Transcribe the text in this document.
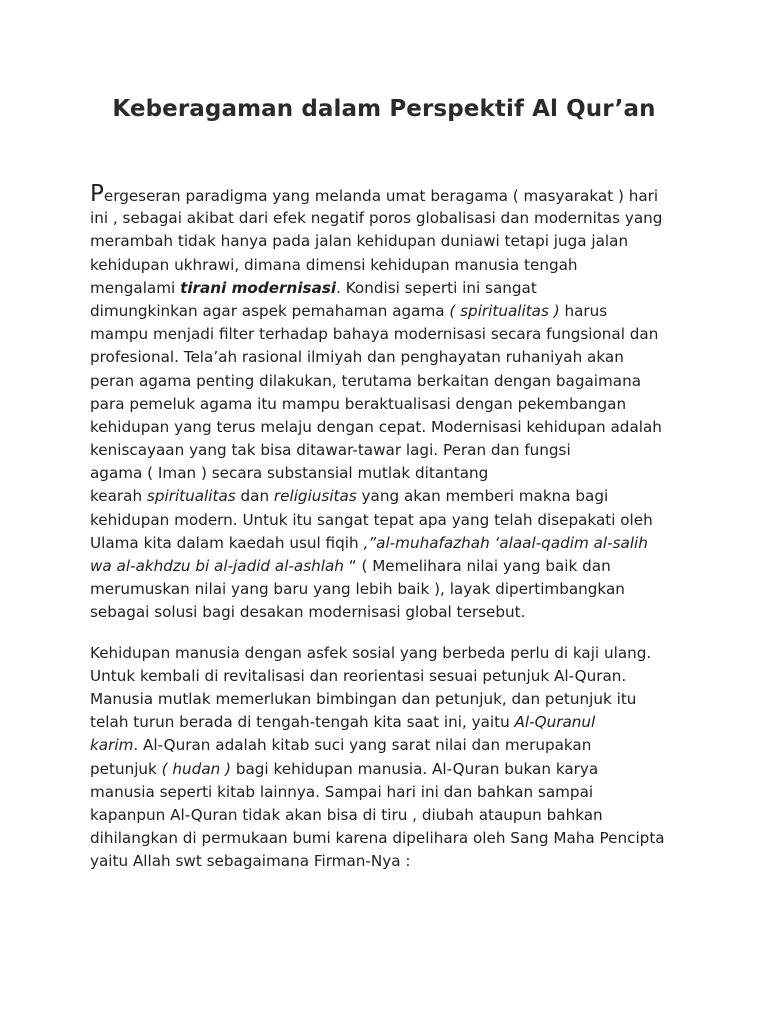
Keberagaman dalam Perspektif Al Qur’an

Pergeseran paradigma yang melanda umat beragama ( masyarakat ) hari
ini , sebagai akibat dari efek negatif poros globalisasi dan modernitas yang
merambah tidak hanya pada jalan kehidupan duniawi tetapi juga jalan
kehidupan ukhrawi, dimana dimensi kehidupan manusia tengah
mengalami tirani modernisasi. Kondisi seperti ini sangat
dimungkinkan agar aspek pemahaman agama ( spiritualitas ) harus
mampu menjadi filter terhadap bahaya modernisasi secara fungsional dan
profesional. Tela’ah rasional ilmiyah dan penghayatan ruhaniyah akan
peran agama penting dilakukan, terutama berkaitan dengan bagaimana
para pemeluk agama itu mampu beraktualisasi dengan pekembangan
kehidupan yang terus melaju dengan cepat. Modernisasi kehidupan adalah
keniscayaan yang tak bisa ditawar-tawar lagi. Peran dan fungsi
agama ( Iman ) secara substansial mutlak ditantang
kearah spiritualitas dan religiusitas yang akan memberi makna bagi
kehidupan modern. Untuk itu sangat tepat apa yang telah disepakati oleh
Ulama kita dalam kaedah usul fiqih ,”al-muhafazhah ‘alaal-qadim al-salih
wa al-akhdzu bi al-jadid al-ashlah “ ( Memelihara nilai yang baik dan
merumuskan nilai yang baru yang lebih baik ), layak dipertimbangkan
sebagai solusi bagi desakan modernisasi global tersebut.

Kehidupan manusia dengan asfek sosial yang berbeda perlu di kaji ulang.
Untuk kembali di revitalisasi dan reorientasi sesuai petunjuk Al-Quran.
Manusia mutlak memerlukan bimbingan dan petunjuk, dan petunjuk itu
telah turun berada di tengah-tengah kita saat ini, yaitu Al-Quranul
karim. Al-Quran adalah kitab suci yang sarat nilai dan merupakan
petunjuk ( hudan ) bagi kehidupan manusia. Al-Quran bukan karya
manusia seperti kitab lainnya. Sampai hari ini dan bahkan sampai
kapanpun Al-Quran tidak akan bisa di tiru , diubah ataupun bahkan
dihilangkan di permukaan bumi karena dipelihara oleh Sang Maha Pencipta
yaitu Allah swt sebagaimana Firman-Nya :
